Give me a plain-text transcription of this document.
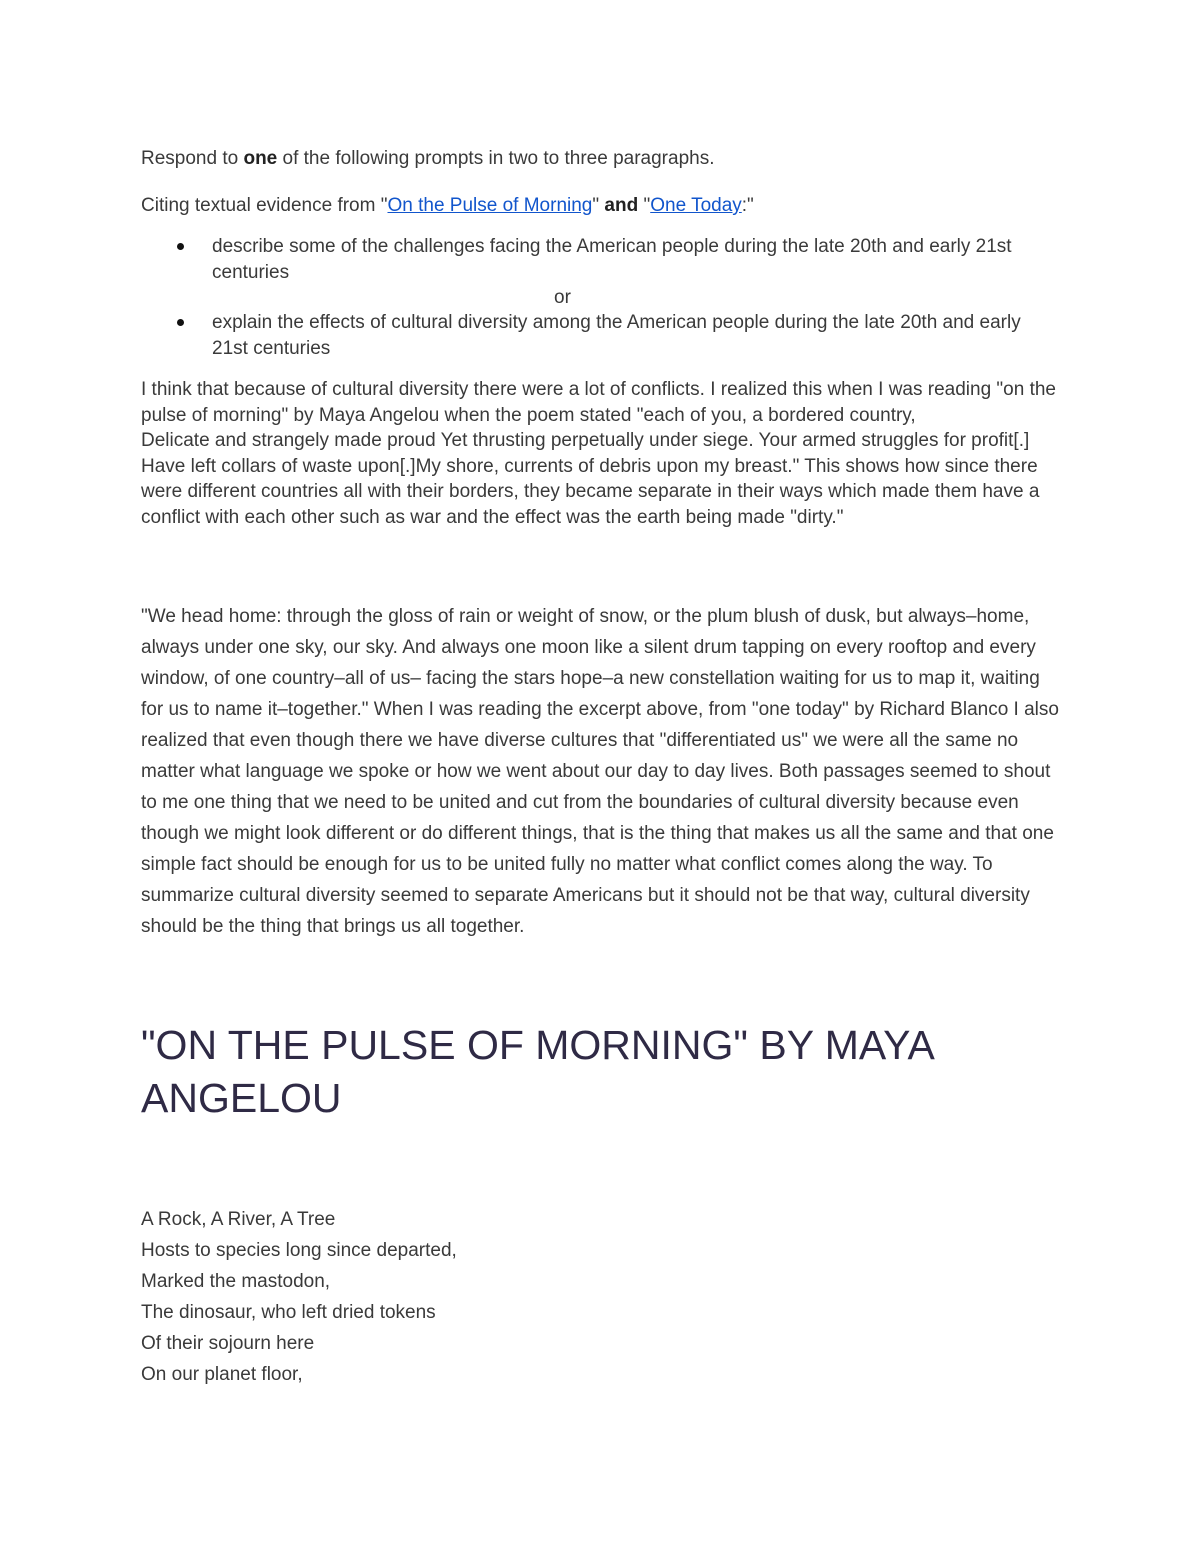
Respond to one of the following prompts in two to three paragraphs.

Citing textual evidence from "On the Pulse of Morning" and "One Today:"

describe some of the challenges facing the American people during the late 20th and early 21st centuries
or
explain the effects of cultural diversity among the American people during the late 20th and early 21st centuries

I think that because of cultural diversity there were a lot of conflicts. I realized this when I was reading "on the pulse of morning" by Maya Angelou when the poem stated "each of you, a bordered country,
Delicate and strangely made proud Yet thrusting perpetually under siege. Your armed struggles for profit[.] Have left collars of waste upon[.]My shore, currents of debris upon my breast." This shows how since there were different countries all with their borders, they became separate in their ways which made them have a conflict with each other such as war and the effect was the earth being made "dirty."

"We head home: through the gloss of rain or weight of snow, or the plum blush of dusk, but always–home, always under one sky, our sky. And always one moon like a silent drum tapping on every rooftop and every window, of one country–all of us– facing the stars hope–a new constellation waiting for us to map it, waiting for us to name it–together." When I was reading the excerpt above, from "one today" by Richard Blanco I also realized that even though there we have diverse cultures that "differentiated us" we were all the same no matter what language we spoke or how we went about our day to day lives. Both passages seemed to shout to me one thing that we need to be united and cut from the boundaries of cultural diversity because even though we might look different or do different things, that is the thing that makes us all the same and that one simple fact should be enough for us to be united fully no matter what conflict comes along the way. To summarize cultural diversity seemed to separate Americans but it should not be that way, cultural diversity should be the thing that brings us all together.

"ON THE PULSE OF MORNING" BY MAYA ANGELOU
A Rock, A River, A Tree
Hosts to species long since departed,
Marked the mastodon,
The dinosaur, who left dried tokens
Of their sojourn here
On our planet floor,
